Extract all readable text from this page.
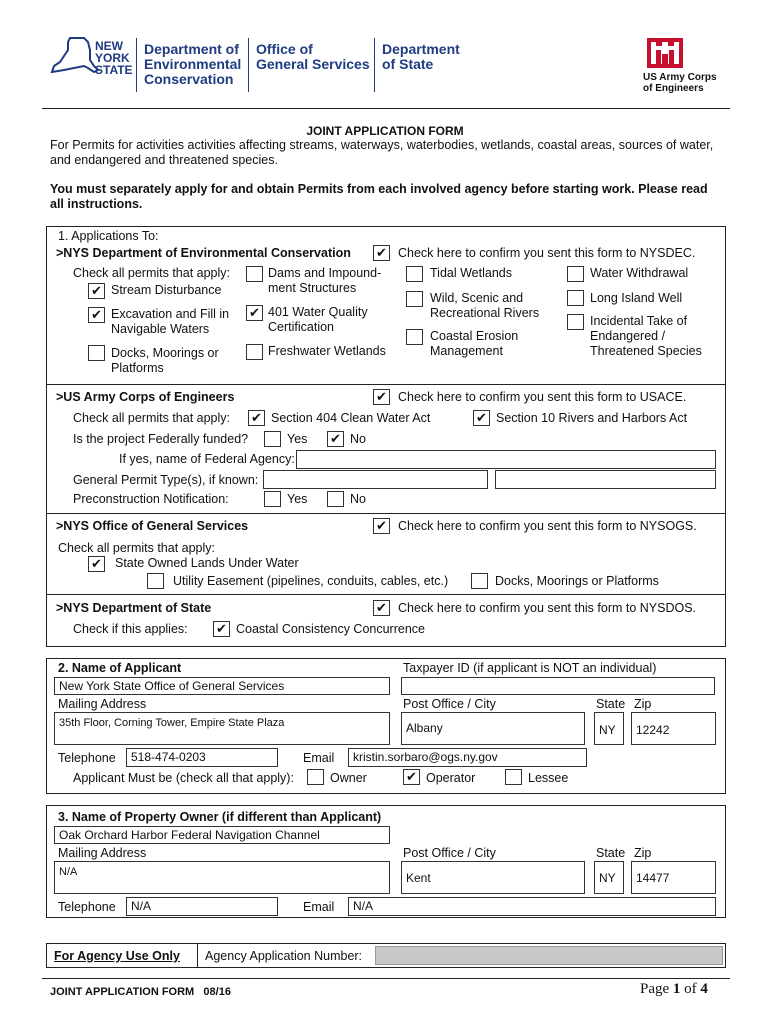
NEW
YORK
STATE
Department of
Environmental
Conservation
Office of
General Services
Department
of State
US Army Corps
of Engineers
JOINT APPLICATION FORM
For Permits for activities activities affecting streams, waterways, waterbodies, wetlands, coastal areas, sources of water,
and endangered and threatened species.
You must separately apply for and obtain Permits from each involved agency before starting work. Please read
all instructions.
1. Applications To:
>NYS Department of Environmental Conservation ✔ Check here to confirm you sent this form to NYSDEC.
Check all permits that apply:
✔ Stream Disturbance
✔ Excavation and Fill in
Navigable Waters
Docks, Moorings or
Platforms
Dams and Impound-
ment Structures
✔ 401 Water Quality
Certification
Freshwater Wetlands
Tidal Wetlands
Wild, Scenic and
Recreational Rivers
Coastal Erosion
Management
Water Withdrawal
Long Island Well
Incidental Take of
Endangered /
Threatened Species
>US Army Corps of Engineers	✔ Check here to confirm you sent this form to USACE.
Check all permits that apply: ✔ Section 404 Clean Water Act	✔ Section 10 Rivers and Harbors Act
Is the project Federally funded?	Yes ✔ No
If yes, name of Federal Agency:
General Permit Type(s), if known:
Preconstruction Notification:	Yes	No
>NYS Office of General Services	✔ Check here to confirm you sent this form to NYSOGS.
Check all permits that apply:
✔ State Owned Lands Under Water
Utility Easement (pipelines, conduits, cables, etc.)	Docks, Moorings or Platforms
>NYS Department of State	✔ Check here to confirm you sent this form to NYSDOS.
Check if this applies: ✔ Coastal Consistency Concurrence
2. Name of Applicant	Taxpayer ID (if applicant is NOT an individual)
New York State Office of General Services
Mailing Address	Post Office / City	State Zip
35th Floor, Corning Tower, Empire State Plaza	Albany	NY	12242
Telephone	518-474-0203	Email	kristin.sorbaro@ogs.ny.gov
Applicant Must be (check all that apply):	Owner	✔ Operator	Lessee
3. Name of Property Owner (if different than Applicant)
Oak Orchard Harbor Federal Navigation Channel
Mailing Address	Post Office / City	State Zip
N/A	Kent	NY	14477
Telephone	N/A	Email	N/A
For Agency Use Only Agency Application Number:
JOINT APPLICATION FORM 08/16	Page 1 of 4
